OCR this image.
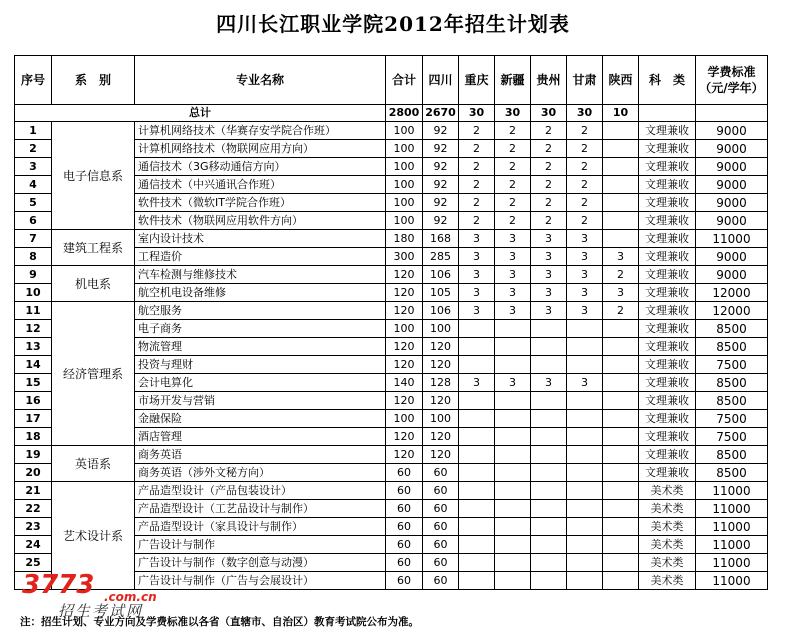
四川长江职业学院2012年招生计划表
序号	系　别	专业名称	合计	四川	重庆	新疆	贵州	甘肃	陕西	科　类	学费标准（元/学年）
总计			2800	2670	30	30	30	30	10		
1	电子信息系	计算机网络技术（华赛存安学院合作班）	100	92	2	2	2	2		文理兼收	9000
2		计算机网络技术（物联网应用方向）	100	92	2	2	2	2		文理兼收	9000
3		通信技术（3G移动通信方向）	100	92	2	2	2	2		文理兼收	9000
4		通信技术（中兴通讯合作班）	100	92	2	2	2	2		文理兼收	9000
5		软件技术（微软IT学院合作班）	100	92	2	2	2	2		文理兼收	9000
6		软件技术（物联网应用软件方向）	100	92	2	2	2	2		文理兼收	9000
7	建筑工程系	室内设计技术	180	168	3	3	3	3		文理兼收	11000
8		工程造价	300	285	3	3	3	3	3	文理兼收	9000
9	机电系	汽车检测与维修技术	120	106	3	3	3	3	2	文理兼收	9000
10		航空机电设备维修	120	105	3	3	3	3	3	文理兼收	12000
11	经济管理系	航空服务	120	106	3	3	3	3	2	文理兼收	12000
12		电子商务	100	100						文理兼收	8500
13		物流管理	120	120						文理兼收	8500
14		投资与理财	120	120						文理兼收	7500
15		会计电算化	140	128	3	3	3	3		文理兼收	8500
16		市场开发与营销	120	120						文理兼收	8500
17		金融保险	100	100						文理兼收	7500
18		酒店管理	120	120						文理兼收	7500
19	英语系	商务英语	120	120						文理兼收	8500
20		商务英语（涉外文秘方向）	60	60						文理兼收	8500
21	艺术设计系	产品造型设计（产品包装设计）	60	60						美术类	11000
22		产品造型设计（工艺品设计与制作）	60	60						美术类	11000
23		产品造型设计（家具设计与制作）	60	60						美术类	11000
24		广告设计与制作	60	60						美术类	11000
25		广告设计与制作（数字创意与动漫）	60	60						美术类	11000
		广告设计与制作（广告与会展设计）	60	60						美术类	11000
3773 .com.cn
招生考试网
注：招生计划、专业方向及学费标准以各省（直辖市、自治区）教育考试院公布为准。
